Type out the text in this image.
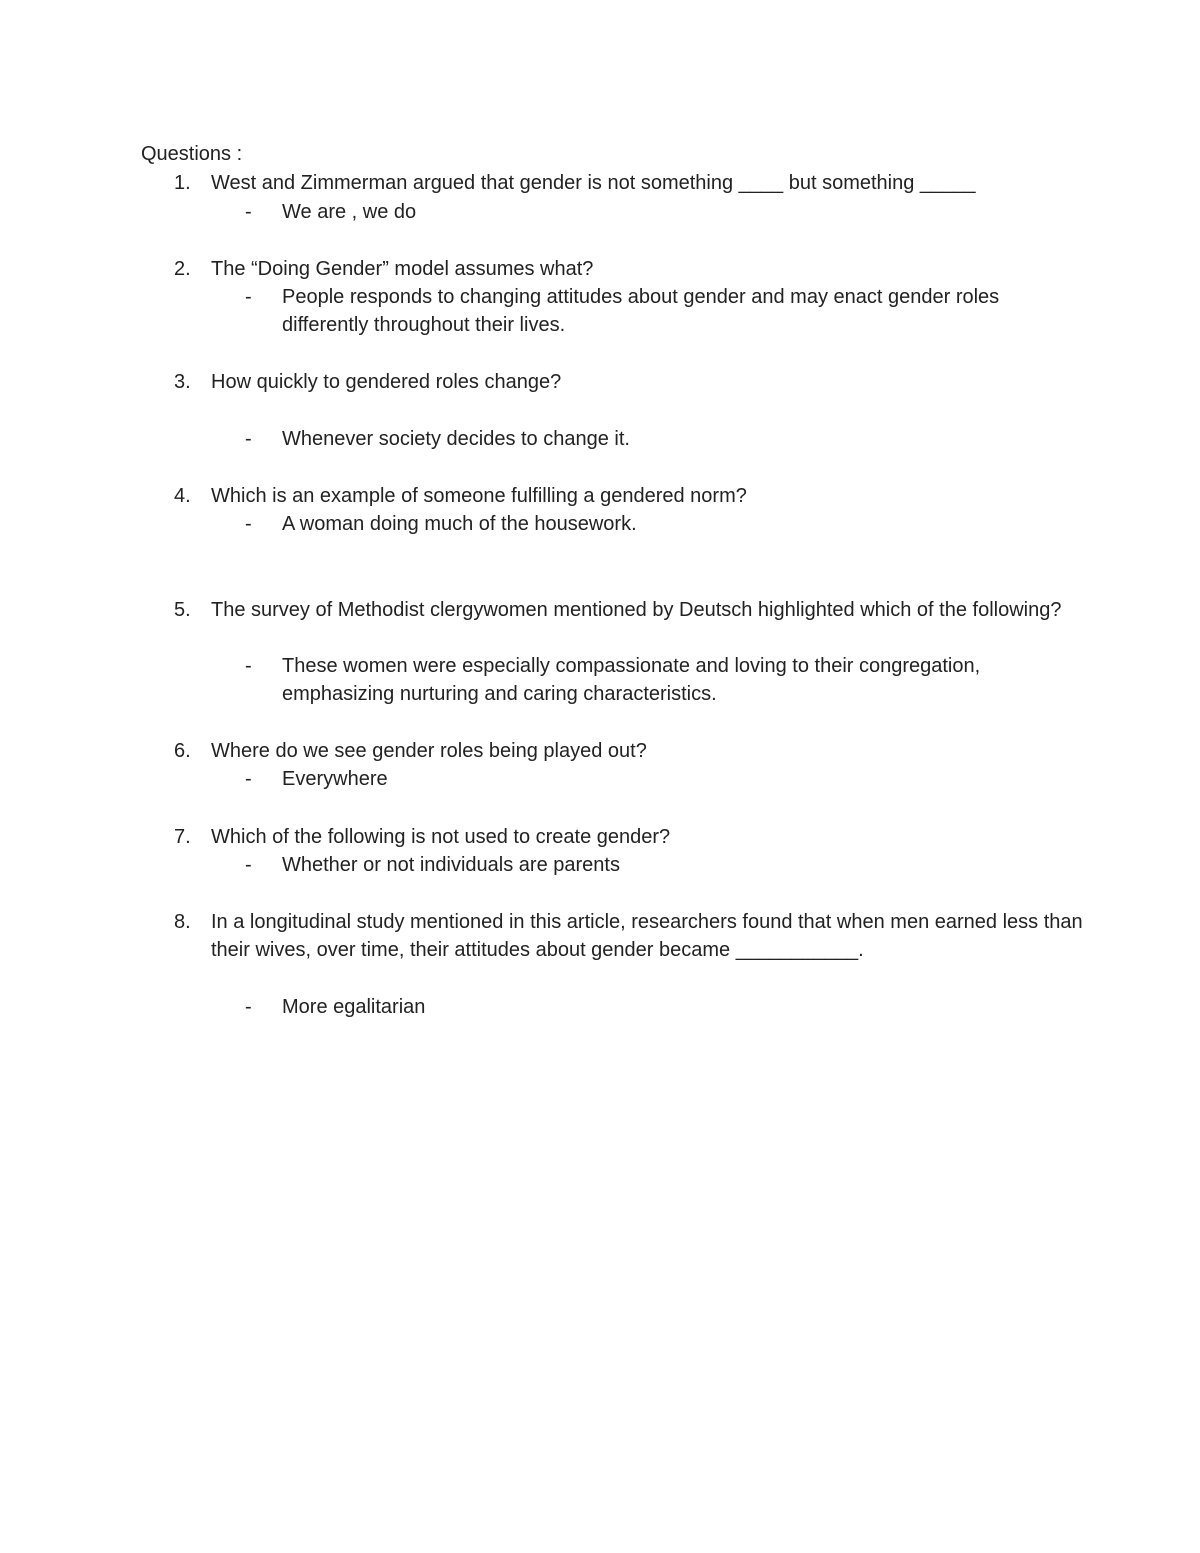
Questions :
1.	West and Zimmerman argued that gender is not something ____ but something _____
- We are , we do
2.	The “Doing Gender” model assumes what?
- People responds to changing attitudes about gender and may enact gender roles differently throughout their lives.
3.	How quickly to gendered roles change?
- Whenever society decides to change it.
4.	Which is an example of someone fulfilling a gendered norm?
- A woman doing much of the housework.
5.	The survey of Methodist clergywomen mentioned by Deutsch highlighted which of the following?
- These women were especially compassionate and loving to their congregation, emphasizing nurturing and caring characteristics.
6.	Where do we see gender roles being played out?
- Everywhere
7.	Which of the following is not used to create gender?
- Whether or not individuals are parents
8.	In a longitudinal study mentioned in this article, researchers found that when men earned less than their wives, over time, their attitudes about gender became ___________.
- More egalitarian
